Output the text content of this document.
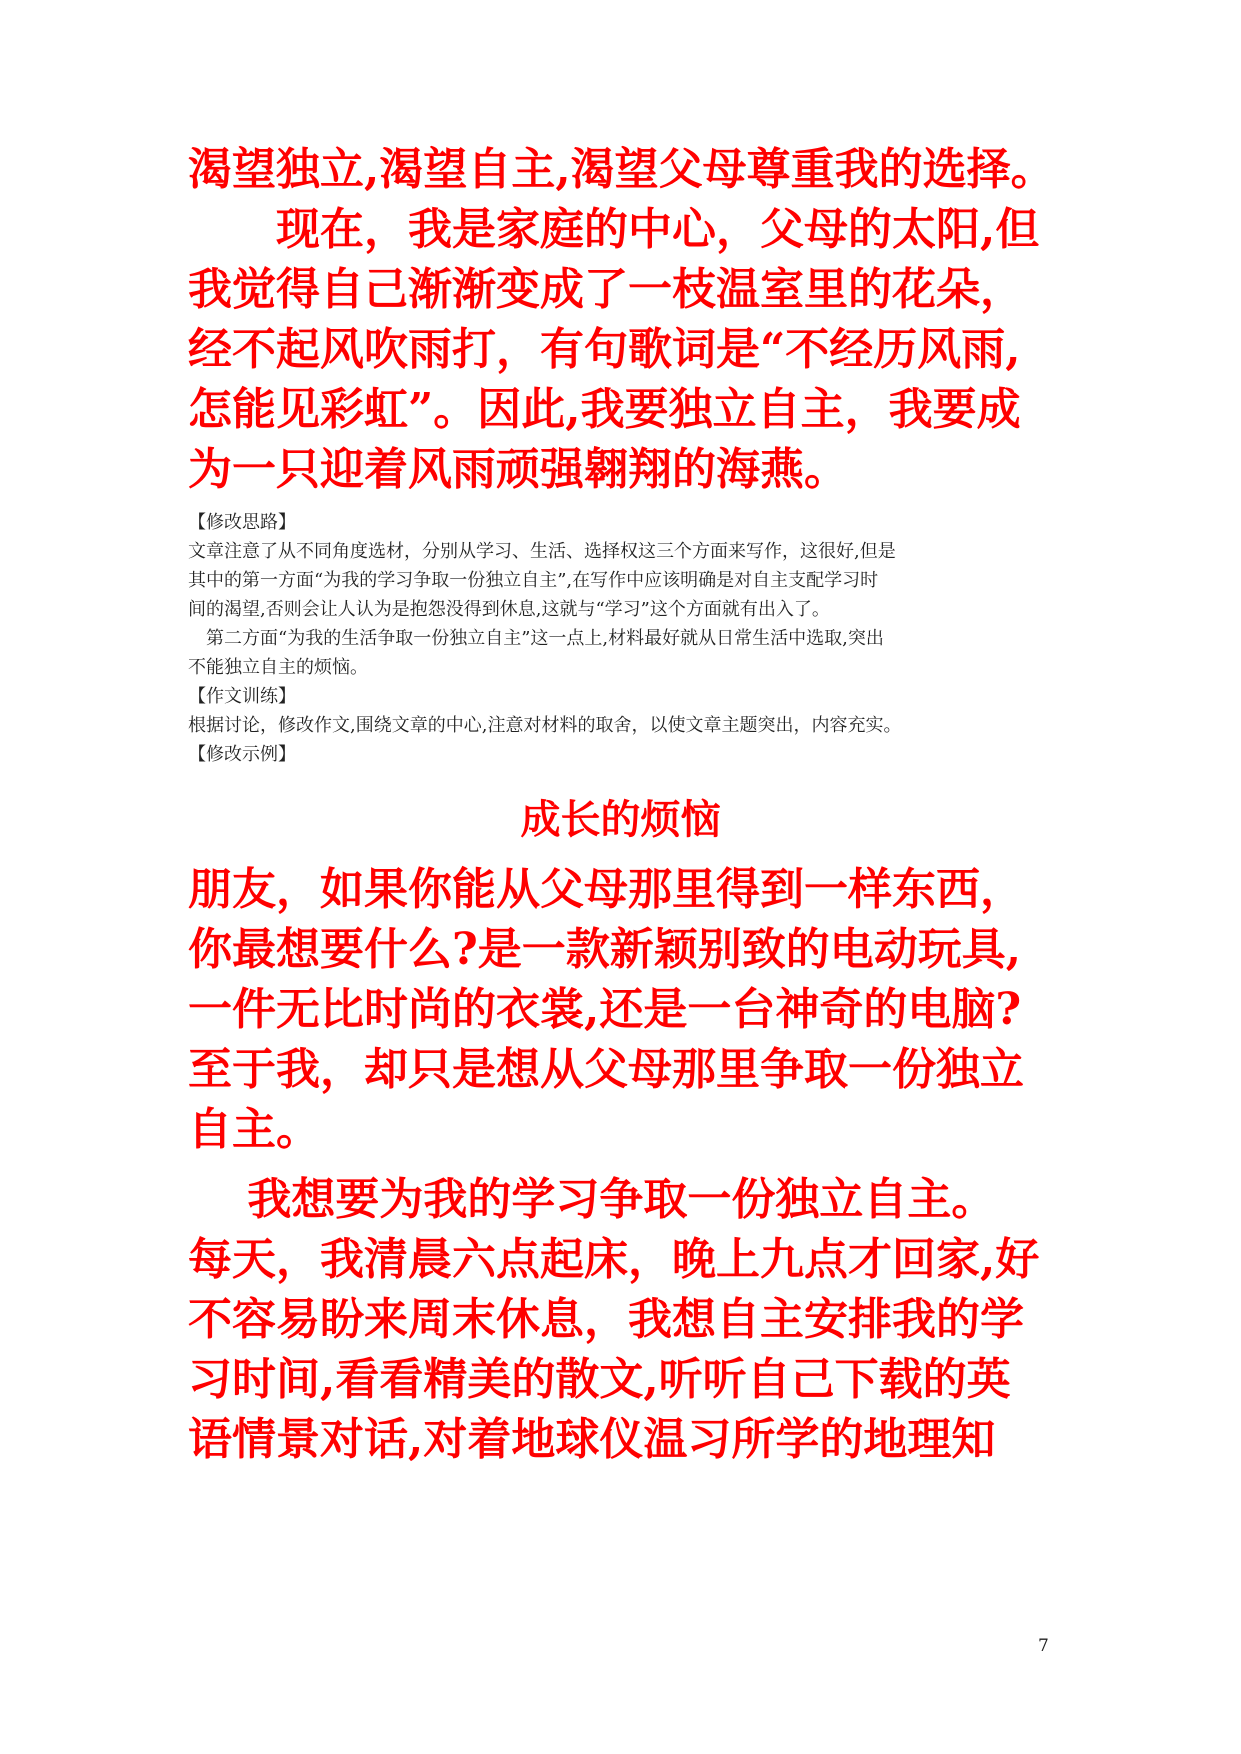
渴望独立,渴望自主,渴望父母尊重我的选择。

　　现在，我是家庭的中心，父母的太阳,但

我觉得自己渐渐变成了一枝温室里的花朵，

经不起风吹雨打，有句歌词是“不经历风雨,

怎能见彩虹”。因此,我要独立自主，我要成

为一只迎着风雨顽强翱翔的海燕。

【修改思路】

文章注意了从不同角度选材，分别从学习、生活、选择权这三个方面来写作，这很好,但是

其中的第一方面“为我的学习争取一份独立自主”,在写作中应该明确是对自主支配学习时

间的渴望,否则会让人认为是抱怨没得到休息,这就与“学习”这个方面就有出入了。

　第二方面“为我的生活争取一份独立自主”这一点上,材料最好就从日常生活中选取,突出

不能独立自主的烦恼。

【作文训练】

根据讨论，修改作文,围绕文章的中心,注意对材料的取舍，以使文章主题突出，内容充实。

【修改示例】

成长的烦恼

朋友，如果你能从父母那里得到一样东西，

你最想要什么?是一款新颖别致的电动玩具,

一件无比时尚的衣裳,还是一台神奇的电脑?

至于我，却只是想从父母那里争取一份独立

自主。

　 我想要为我的学习争取一份独立自主。

每天，我清晨六点起床，晚上九点才回家,好

不容易盼来周末休息，我想自主安排我的学

习时间,看看精美的散文,听听自己下载的英

语情景对话,对着地球仪温习所学的地理知

7
